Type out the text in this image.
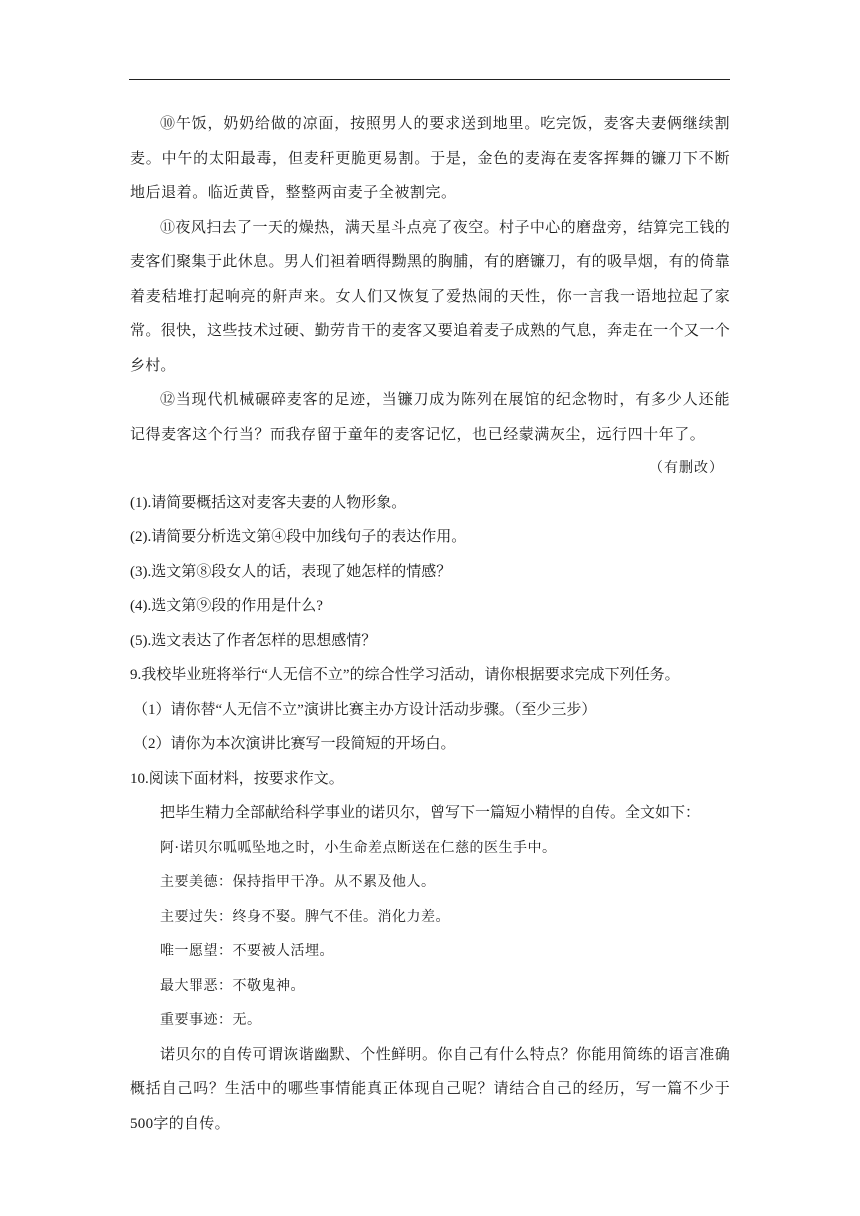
⑩午饭，奶奶给做的凉面，按照男人的要求送到地里。吃完饭，麦客夫妻俩继续割麦。中午的太阳最毒，但麦秆更脆更易割。于是，金色的麦海在麦客挥舞的镰刀下不断地后退着。临近黄昏，整整两亩麦子全被割完。

⑪夜风扫去了一天的燥热，满天星斗点亮了夜空。村子中心的磨盘旁，结算完工钱的麦客们聚集于此休息。男人们袒着晒得黝黑的胸脯，有的磨镰刀，有的吸旱烟，有的倚靠着麦秸堆打起响亮的鼾声来。女人们又恢复了爱热闹的天性，你一言我一语地拉起了家常。很快，这些技术过硬、勤劳肯干的麦客又要追着麦子成熟的气息，奔走在一个又一个乡村。

⑫当现代机械碾碎麦客的足迹，当镰刀成为陈列在展馆的纪念物时，有多少人还能记得麦客这个行当？而我存留于童年的麦客记忆，也已经蒙满灰尘，远行四十年了。

（有删改）

(1).请简要概括这对麦客夫妻的人物形象。

(2).请简要分析选文第④段中加线句子的表达作用。

(3).选文第⑧段女人的话，表现了她怎样的情感？

(4).选文第⑨段的作用是什么?

(5).选文表达了作者怎样的思想感情？

9.我校毕业班将举行“人无信不立”的综合性学习活动，请你根据要求完成下列任务。

（1）请你替“人无信不立”演讲比赛主办方设计活动步骤。（至少三步）

（2）请你为本次演讲比赛写一段简短的开场白。

10.阅读下面材料，按要求作文。

把毕生精力全部献给科学事业的诺贝尔，曾写下一篇短小精悍的自传。全文如下：

阿·诺贝尔呱呱坠地之时，小生命差点断送在仁慈的医生手中。

主要美德：保持指甲干净。从不累及他人。

主要过失：终身不娶。脾气不佳。消化力差。

唯一愿望：不要被人活埋。

最大罪恶：不敬鬼神。

重要事迹：无。

诺贝尔的自传可谓诙谐幽默、个性鲜明。你自己有什么特点？你能用简练的语言准确概括自己吗？生活中的哪些事情能真正体现自己呢？请结合自己的经历，写一篇不少于500字的自传。
